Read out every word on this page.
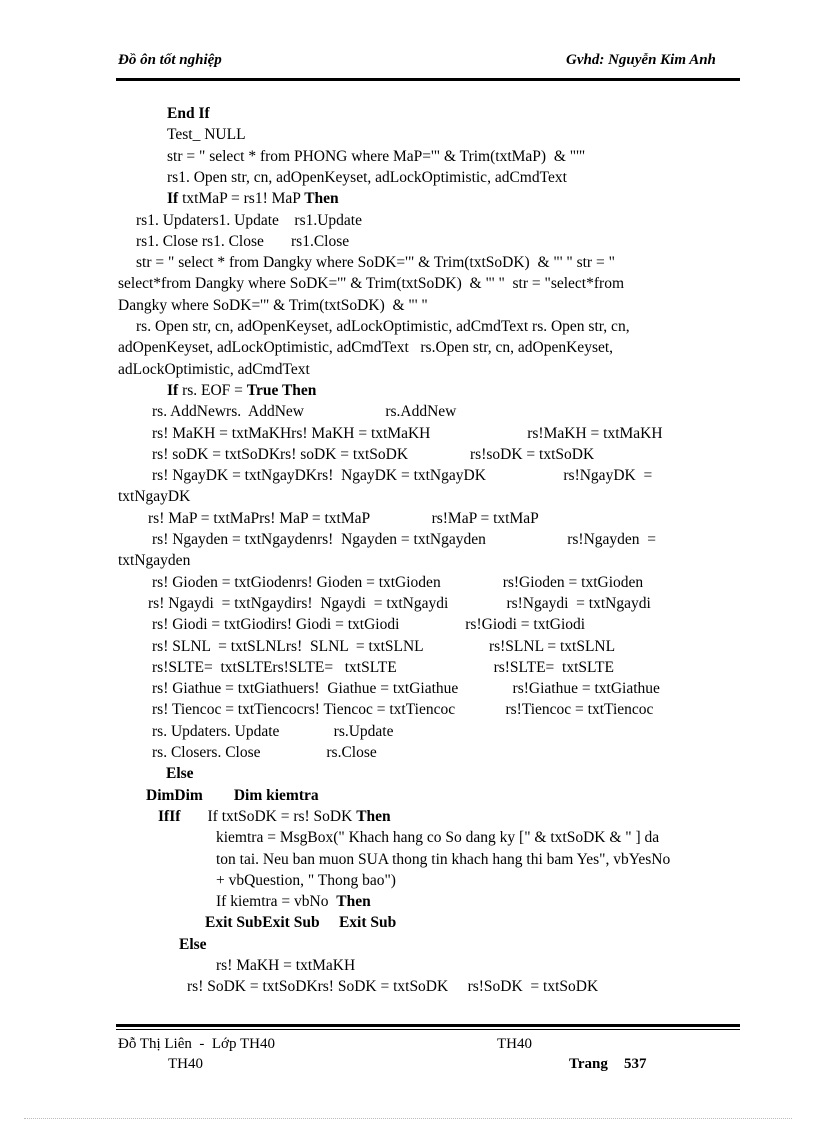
Đồ ôn tốt nghiệp	Gvhd: Nguyễn Kim Anh
End If
Test_ NULL
str = " select * from PHONG where MaP='" & Trim(txtMaP)  & "'"
rs1. Open str, cn, adOpenKeyset, adLockOptimistic, adCmdText
If txtMaP = rs1! MaP Then
rs1. Updaters1. Update    rs1.Update
rs1. Close rs1. Close       rs1.Close
str = " select * from Dangky where SoDK='" & Trim(txtSoDK)  & "' " str = "
select*from Dangky where SoDK='" & Trim(txtSoDK)  & "' "  str = "select*from
Dangky where SoDK='" & Trim(txtSoDK)  & "' "
rs. Open str, cn, adOpenKeyset, adLockOptimistic, adCmdText rs. Open str, cn,
adOpenKeyset, adLockOptimistic, adCmdText   rs.Open str, cn, adOpenKeyset,
adLockOptimistic, adCmdText
If rs. EOF = True Then
rs. AddNewrs.  AddNew                     rs.AddNew
rs! MaKH = txtMaKHrs! MaKH = txtMaKH                         rs!MaKH = txtMaKH
rs! soDK = txtSoDKrs! soDK = txtSoDK                rs!soDK = txtSoDK
rs! NgayDK = txtNgayDKrs!  NgayDK = txtNgayDK                    rs!NgayDK  =
txtNgayDK
rs! MaP = txtMaPrs! MaP = txtMaP                rs!MaP = txtMaP
rs! Ngayden = txtNgaydenrs!  Ngayden = txtNgayden                     rs!Ngayden  =
txtNgayden
rs! Gioden = txtGiodenrs! Gioden = txtGioden                rs!Gioden = txtGioden
rs! Ngaydi  = txtNgaydirs!  Ngaydi  = txtNgaydi               rs!Ngaydi  = txtNgaydi
rs! Giodi = txtGiodirs! Giodi = txtGiodi                 rs!Giodi = txtGiodi
rs! SLNL  = txtSLNLrs!  SLNL  = txtSLNL                 rs!SLNL = txtSLNL
rs!SLTE=  txtSLTErs!SLTE=   txtSLTE                         rs!SLTE=  txtSLTE
rs! Giathue = txtGiathuers!  Giathue = txtGiathue              rs!Giathue = txtGiathue
rs! Tiencoc = txtTiencocrs! Tiencoc = txtTiencoc             rs!Tiencoc = txtTiencoc
rs. Updaters. Update              rs.Update
rs. Closers. Close                 rs.Close
Else
DimDim Dim kiemtra
IfIf       If txtSoDK = rs! SoDK Then
kiemtra = MsgBox(" Khach hang co So dang ky [" & txtSoDK & " ] da
ton tai. Neu ban muon SUA thong tin khach hang thi bam Yes", vbYesNo
+ vbQuestion, " Thong bao")
If kiemtra = vbNo  Then
Exit SubExit Sub     Exit Sub
Else
rs! MaKH = txtMaKH
rs! SoDK = txtSoDKrs! SoDK = txtSoDK     rs!SoDK  = txtSoDK
Đỗ Thị Liên  -  Lớp TH40	TH40
TH40	Trang 537
